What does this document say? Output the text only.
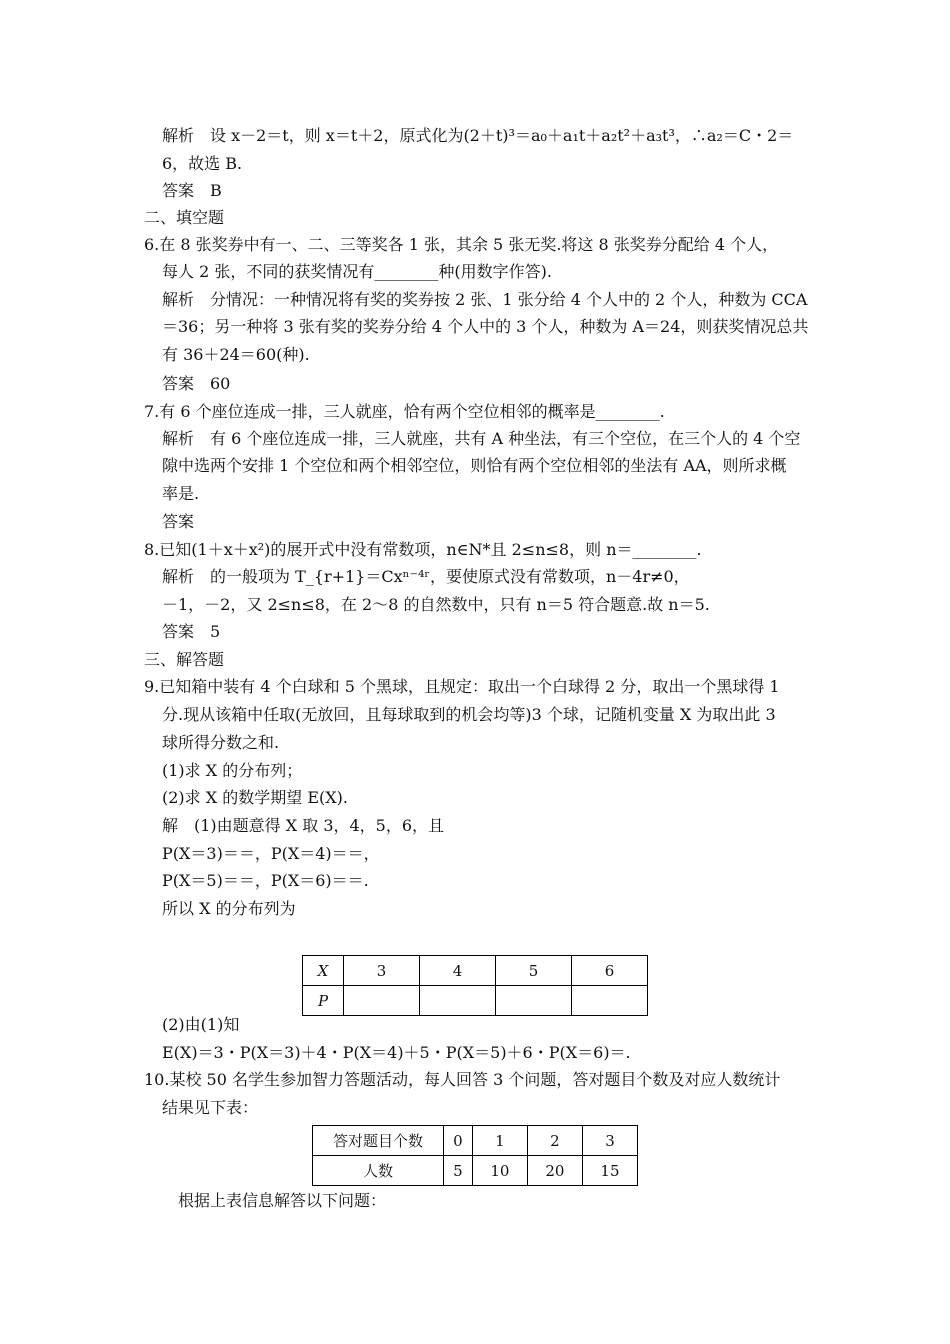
解析　设 x－2＝t，则 x＝t＋2，原式化为(2＋t)³＝a₀＋a₁t＋a₂t²＋a₃t³，∴a₂＝C・2＝
6，故选 B.
答案　B
二、填空题
6.在 8 张奖券中有一、二、三等奖各 1 张，其余 5 张无奖.将这 8 张奖券分配给 4 个人，
每人 2 张，不同的获奖情况有________种(用数字作答).
解析　分情况：一种情况将有奖的奖券按 2 张、1 张分给 4 个人中的 2 个人，种数为 CCA
＝36；另一种将 3 张有奖的奖券分给 4 个人中的 3 个人，种数为 A＝24，则获奖情况总共
有 36＋24＝60(种).
答案　60
7.有 6 个座位连成一排，三人就座，恰有两个空位相邻的概率是________.
解析　有 6 个座位连成一排，三人就座，共有 A 种坐法，有三个空位，在三个人的 4 个空
隙中选两个安排 1 个空位和两个相邻空位，则恰有两个空位相邻的坐法有 AA，则所求概
率是.
答案
8.已知(1＋x＋x²)的展开式中没有常数项，n∈N*且 2≤n≤8，则 n＝________.
解析　的一般项为 T_{r+1}＝Cxⁿ⁻⁴ʳ，要使原式没有常数项，n－4r≠0，
－1，－2，又 2≤n≤8，在 2～8 的自然数中，只有 n＝5 符合题意.故 n＝5.
答案　5
三、解答题
9.已知箱中装有 4 个白球和 5 个黑球，且规定：取出一个白球得 2 分，取出一个黑球得 1
分.现从该箱中任取(无放回，且每球取到的机会均等)3 个球，记随机变量 X 为取出此 3
球所得分数之和.
(1)求 X 的分布列；
(2)求 X 的数学期望 E(X).
解　(1)由题意得 X 取 3，4，5，6，且
P(X＝3)＝＝，P(X＝4)＝＝，
P(X＝5)＝＝，P(X＝6)＝＝.
所以 X 的分布列为
X	3	4	5	6
P				
(2)由(1)知
E(X)＝3・P(X＝3)＋4・P(X＝4)＋5・P(X＝5)＋6・P(X＝6)＝.
10.某校 50 名学生参加智力答题活动，每人回答 3 个问题，答对题目个数及对应人数统计
结果见下表：
答对题目个数	0	1	2	3
人数	5	10	20	15
根据上表信息解答以下问题：
